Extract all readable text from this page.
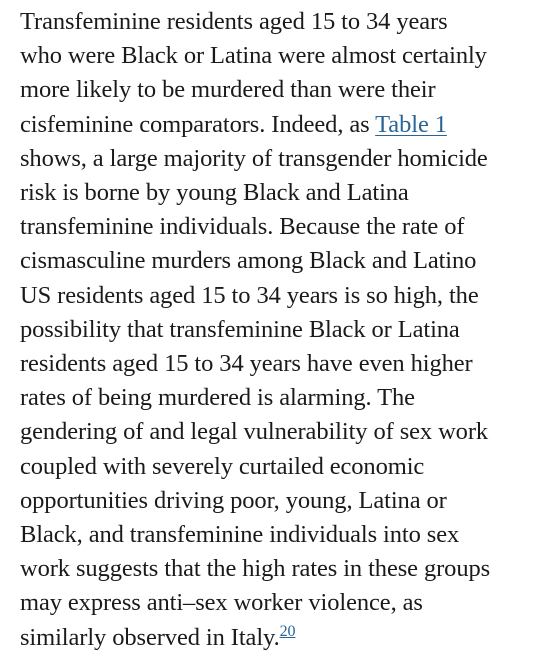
Transfeminine residents aged 15 to 34 years
who were Black or Latina were almost certainly
more likely to be murdered than were their
cisfeminine comparators. Indeed, as Table 1
shows, a large majority of transgender homicide
risk is borne by young Black and Latina
transfeminine individuals. Because the rate of
cismasculine murders among Black and Latino
US residents aged 15 to 34 years is so high, the
possibility that transfeminine Black or Latina
residents aged 15 to 34 years have even higher
rates of being murdered is alarming. The
gendering of and legal vulnerability of sex work
coupled with severely curtailed economic
opportunities driving poor, young, Latina or
Black, and transfeminine individuals into sex
work suggests that the high rates in these groups
may express anti–sex worker violence, as
similarly observed in Italy.$^{20}$
